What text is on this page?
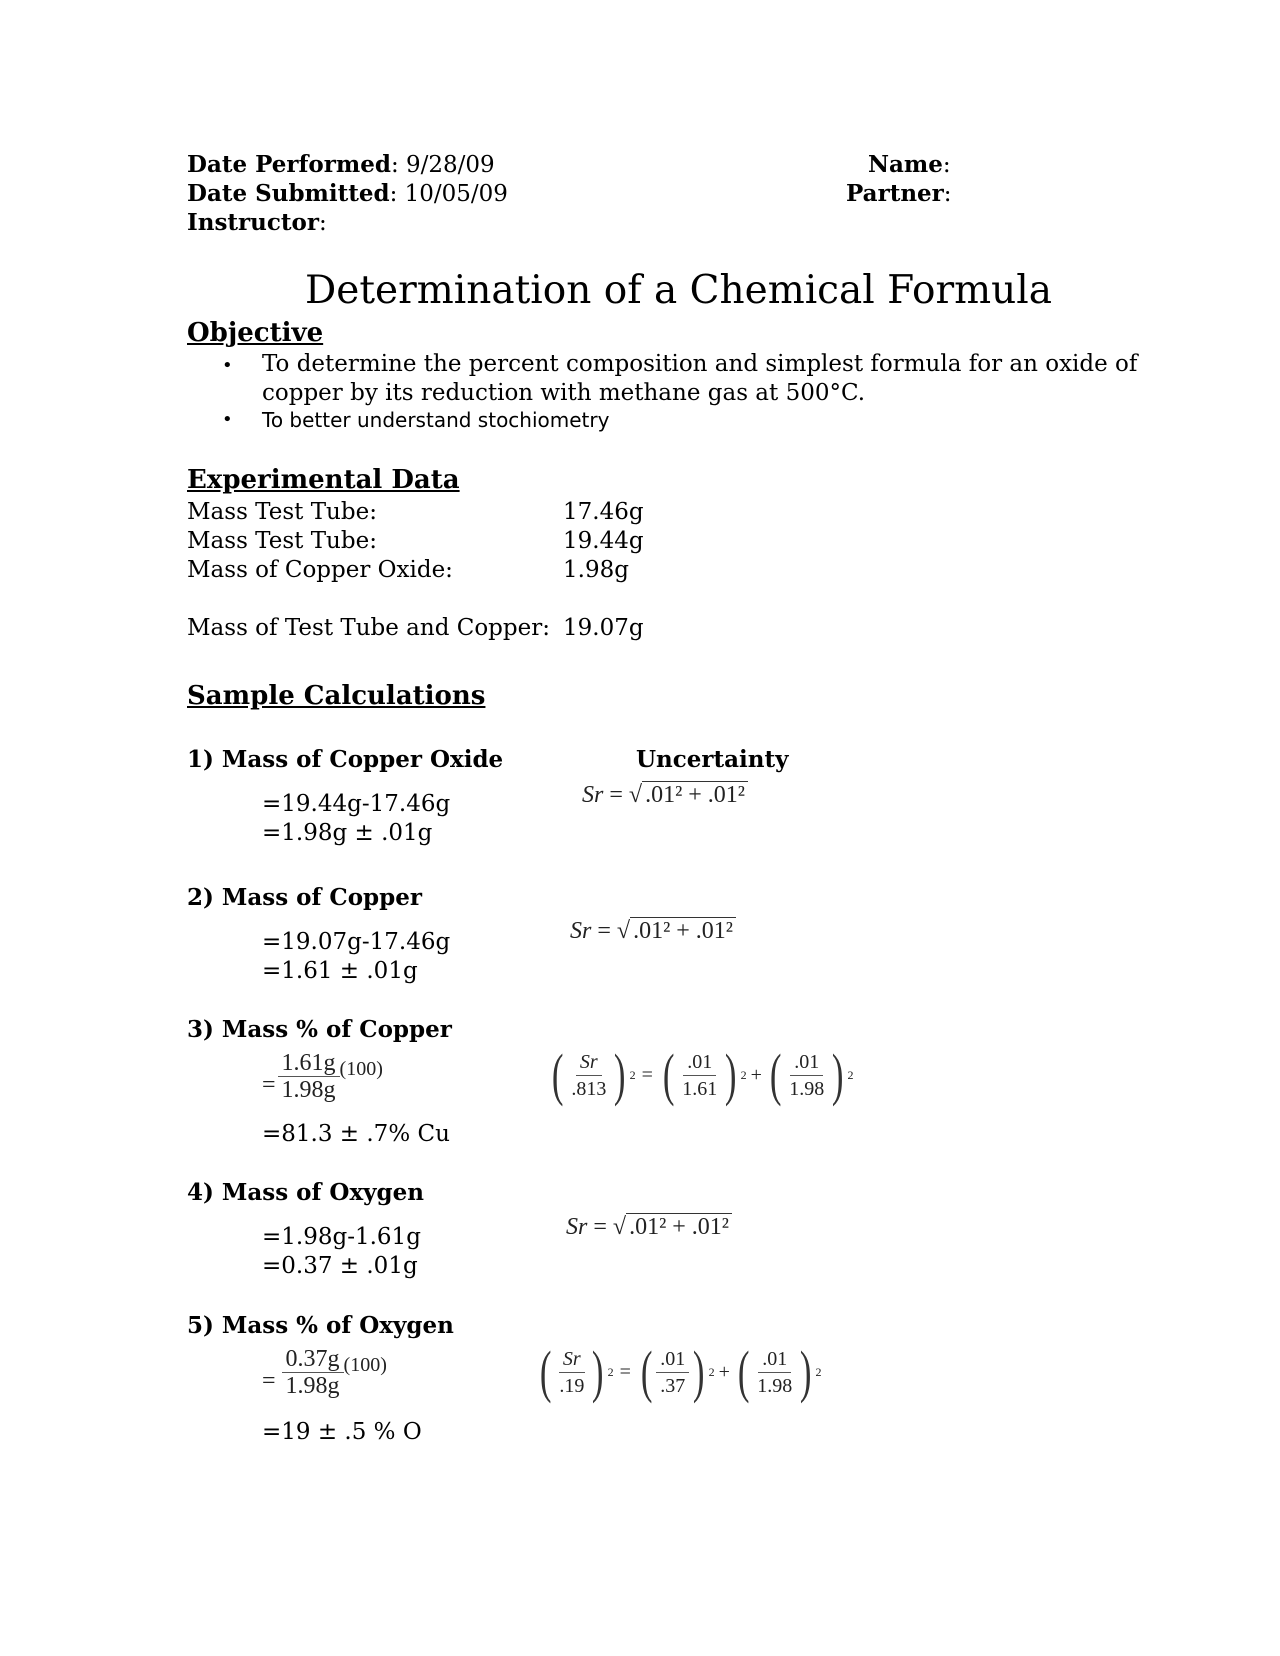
Date Performed: 9/28/09
Date Submitted: 10/05/09
Instructor:
Name:
Partner:
Determination of a Chemical Formula
Objective
• To determine the percent composition and simplest formula for an oxide of
copper by its reduction with methane gas at 500°C.
• To better understand stochiometry
Experimental Data
Mass Test Tube:	17.46g
Mass Test Tube:	19.44g
Mass of Copper Oxide:	1.98g
Mass of Test Tube and Copper: 19.07g
Sample Calculations
1) Mass of Copper Oxide	Uncertainty
=19.44g-17.46g
=1.98g ± .01g
Sr = √ .01² + .01²
2) Mass of Copper
=19.07g-17.46g
=1.61 ± .01g
Sr = √ .01² + .01²
3) Mass % of Copper
= $\frac{1.61g}{1.98g} (100)$
=81.3 ± .7% Cu
( $\frac{Sr}{.813}$ ) 2 = ( $\frac{.01}{1.61}$ ) 2 + ( $\frac{.01}{1.98}$ ) 2
4) Mass of Oxygen
=1.98g-1.61g
=0.37 ± .01g
Sr = √ .01² + .01²
5) Mass % of Oxygen
= $\frac{0.37g}{1.98g} (100)$
=19 ± .5 % O
( $\frac{Sr}{.19}$ ) 2 = ( $\frac{.01}{.37}$ ) 2 + ( $\frac{.01}{1.98}$ ) 2
